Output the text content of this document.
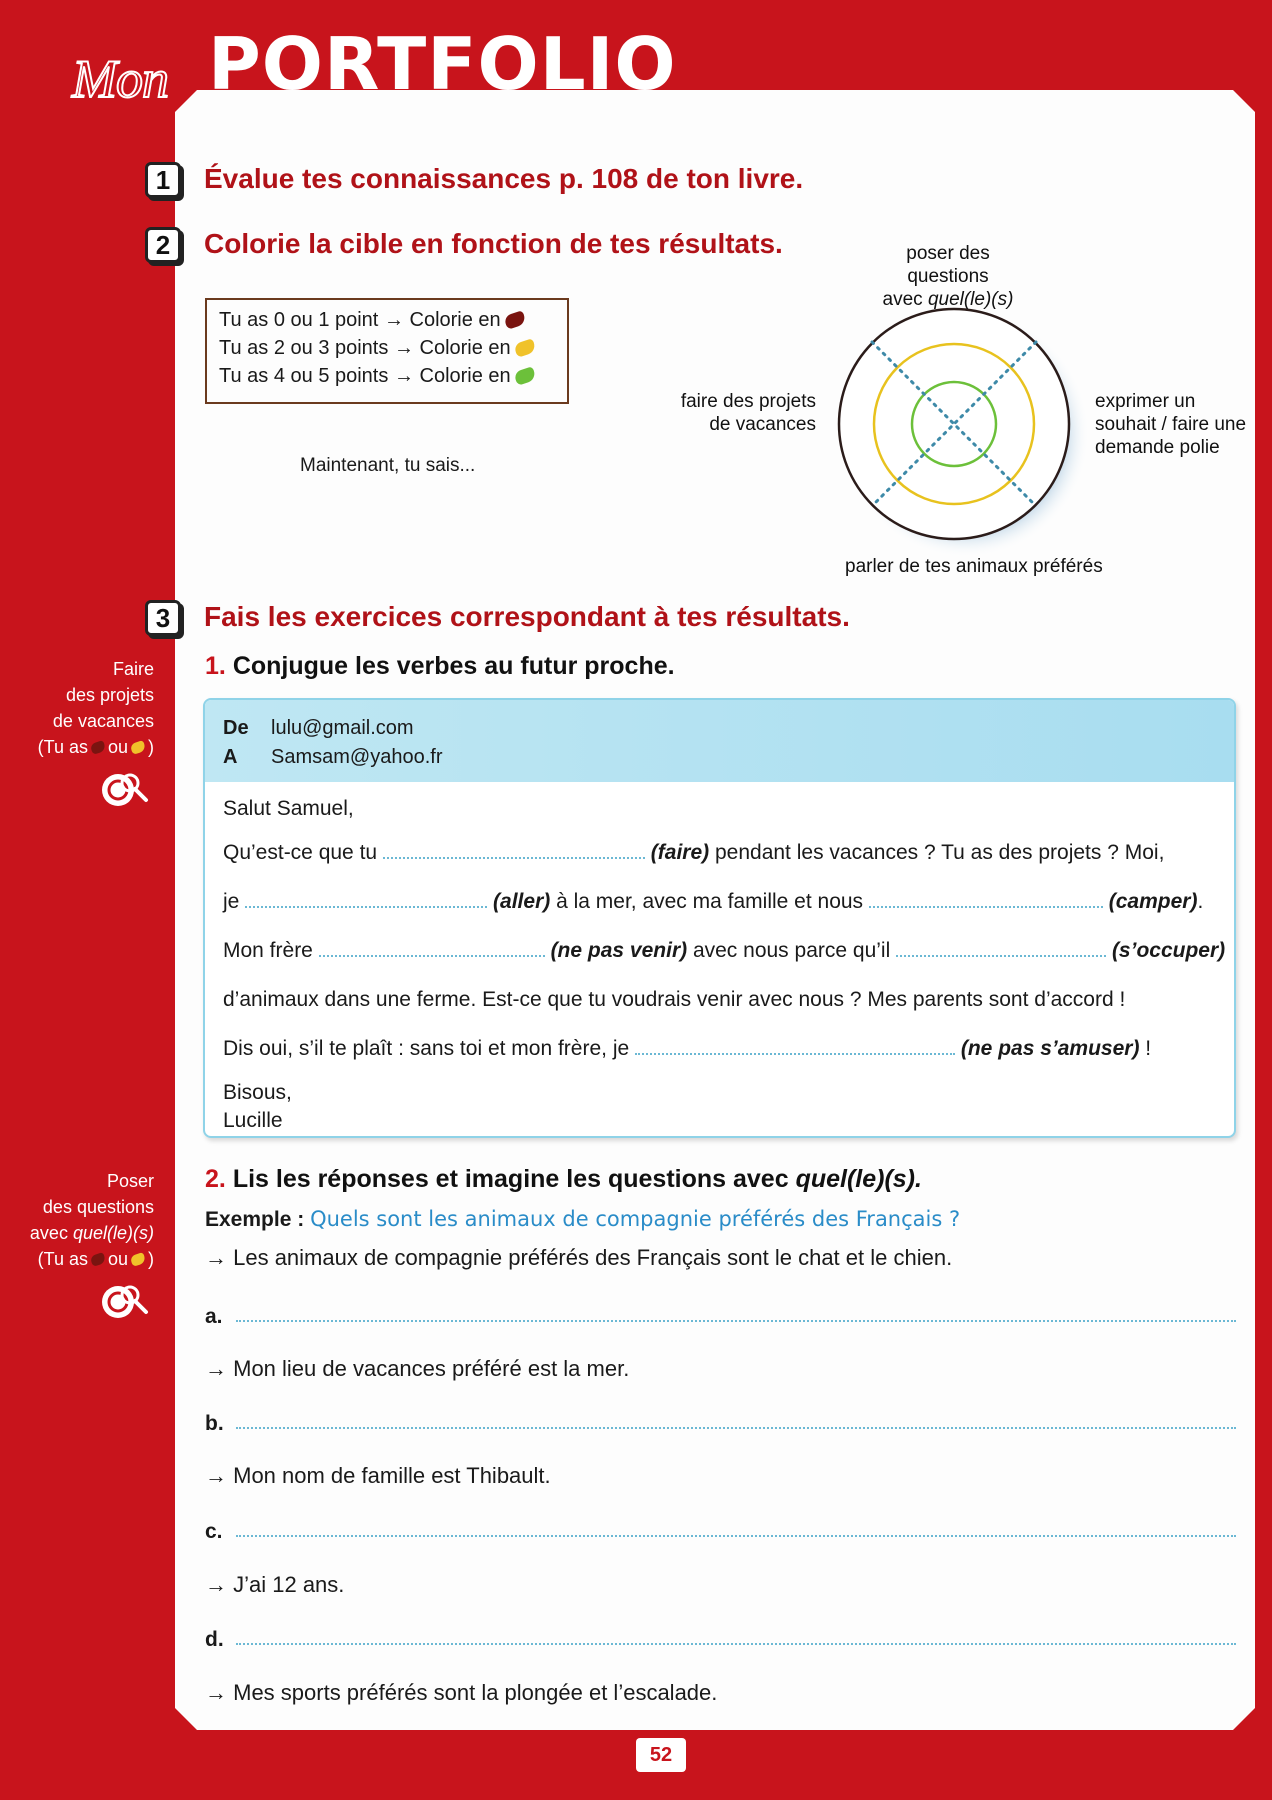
Mon PORTFOLIO
1	Évalue tes connaissances p. 108 de ton livre.
2	Colorie la cible en fonction de tes résultats.
Tu as 0 ou 1 point
→
Colorie en
Tu as 2 ou 3 points
→
Colorie en
Tu as 4 ou 5 points
→
Colorie en
Maintenant, tu sais...
poser des questions
avec quel(le)(s)
faire des projets
de vacances
exprimer un
souhait / faire une
demande polie
parler de tes animaux préférés
3	Fais les exercices correspondant à tes résultats.
Faire
des projets
de vacances
(Tu as ou )
1. Conjugue les verbes au futur proche.
De lulu@gmail.com
A Samsam@yahoo.fr
Salut Samuel,
Qu’est-ce que tu	(faire) pendant les vacances ? Tu as des projets ? Moi,
je	(aller) à la mer, avec ma famille et nous	(camper).
Mon frère	(ne pas venir) avec nous parce qu’il	(s’occuper)
d’animaux dans une ferme. Est-ce que tu voudrais venir avec nous ? Mes parents sont d’accord !
Dis oui, s’il te plaît : sans toi et mon frère, je	(ne pas s’amuser) !
Bisous,
Lucille
Poser
des questions
avec quel(le)(s)
(Tu as ou )
2. Lis les réponses et imagine les questions avec quel(le)(s).
Exemple : Quels sont les animaux de compagnie préférés des Français ?
→ Les animaux de compagnie préférés des Français sont le chat et le chien.
a.
→ Mon lieu de vacances préféré est la mer.
b.
→ Mon nom de famille est Thibault.
c.
→ J’ai 12 ans.
d.
→ Mes sports préférés sont la plongée et l’escalade.
52
